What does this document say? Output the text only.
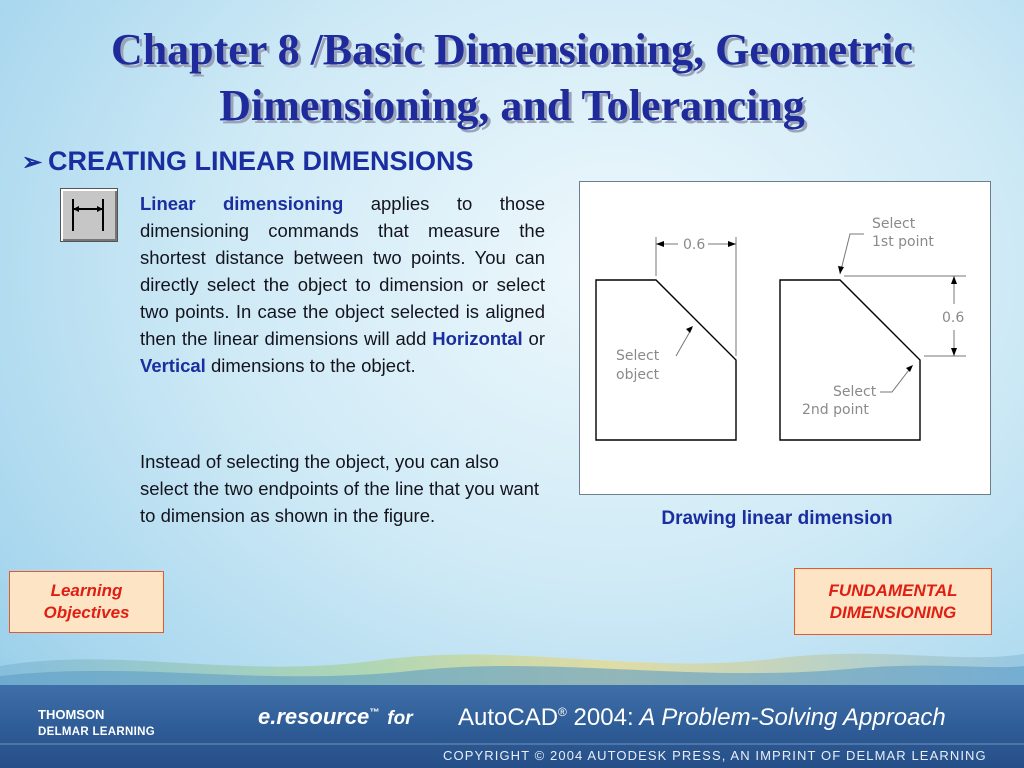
Chapter 8 /Basic Dimensioning, Geometric
Dimensioning, and Tolerancing
➢ CREATING LINEAR DIMENSIONS

Linear dimensioning applies to those dimensioning commands that measure the shortest distance between two points. You can directly select the object to dimension or select two points. In case the object selected is aligned then the linear dimensions will add Horizontal or Vertical dimensions to the object.

Instead of selecting the object, you can also select the two endpoints of the line that you want to dimension as shown in the figure.

0.6
0.6
Select
object
Select
1st point
Select
2nd point
Drawing linear dimension
Learning
Objectives
FUNDAMENTAL
DIMENSIONING
THOMSON
DELMAR LEARNING
e.resource™ for AutoCAD® 2004: A Problem-Solving Approach
COPYRIGHT © 2004 AUTODESK PRESS, AN IMPRINT OF DELMAR LEARNING
